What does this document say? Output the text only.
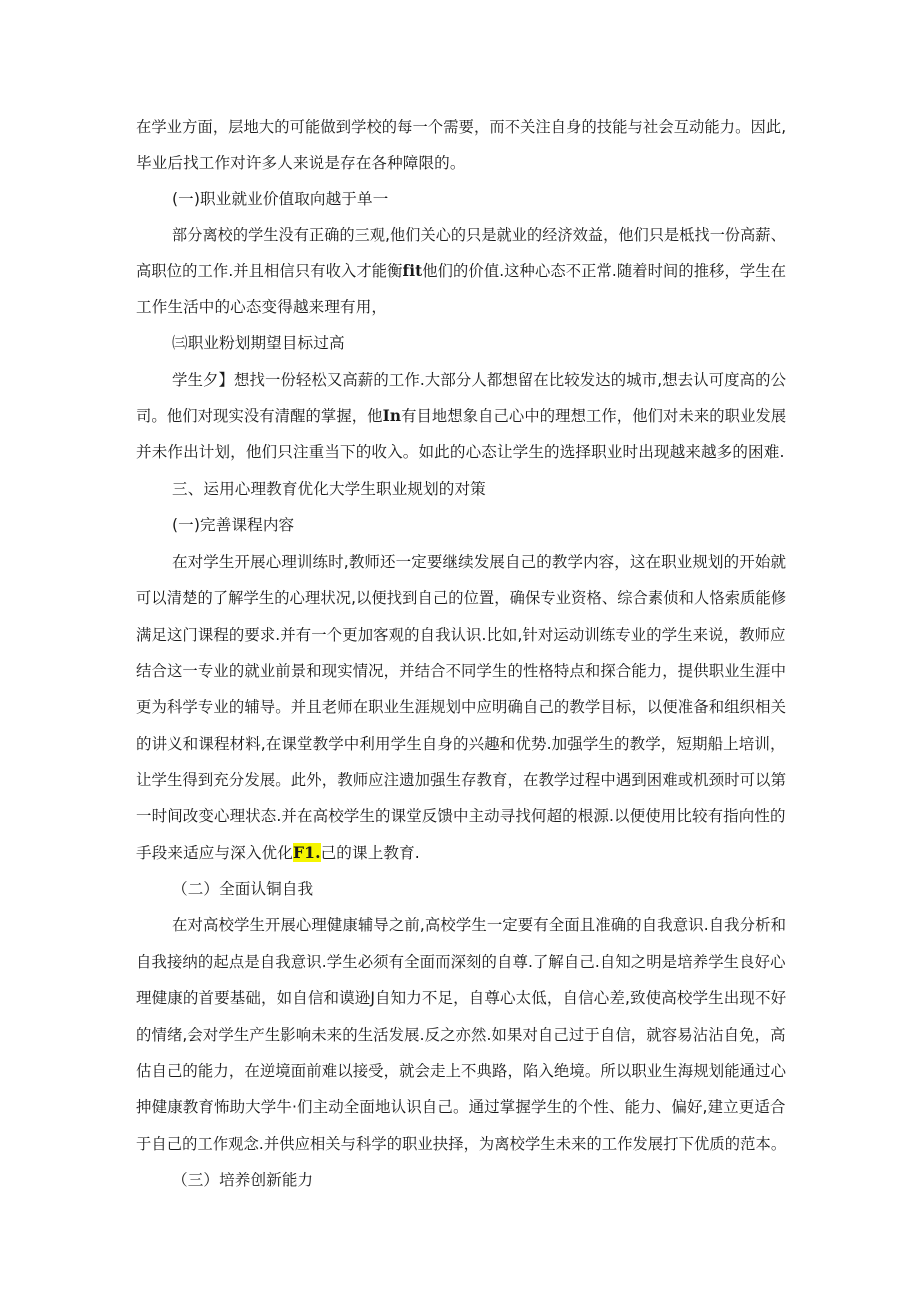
在学业方面，层地大的可能做到学校的每一个需要，而不关注自身的技能与社会互动能力。因此,
毕业后找工作对许多人来说是存在各种障限的。
(一)职业就业价值取向越于单一
部分离校的学生没有正确的三观,他们关心的只是就业的经济效益，他们只是柢找一份高薪、
高职位的工作.并且相信只有收入才能衡fit他们的价值.这种心态不正常.随着时间的推移，学生在
工作生活中的心态变得越来理有用，
㈢职业粉划期望目标过高
学生夕】想找一份轻松又高薪的工作.大部分人都想留在比较发达的城市,想去认可度高的公
司。他们对现实没有清醒的掌握，他In有目地想象自己心中的理想工作，他们对未来的职业发展
并未作出计划，他们只注重当下的收入。如此的心态让学生的选择职业时出现越来越多的困难.
三、运用心理教育优化大学生职业规划的对策
(一)完善课程内容
在对学生开展心理训练时,教师还一定要继续发展自己的教学内容，这在职业规划的开始就
可以清楚的了解学生的心理状况,以便找到自己的位置，确保专业资格、综合素侦和人恪索质能修
满足这门课程的要求.并有一个更加客观的自我认识.比如,针对运动训练专业的学生来说，教师应
结合这一专业的就业前景和现实情况，并结合不同学生的性格特点和探合能力，提供职业生涯中
更为科学专业的辅导。并且老师在职业生涯规划中应明确自己的教学目标，以便准备和组织相关
的讲义和课程材料,在课堂教学中利用学生自身的兴趣和优势.加强学生的教学，短期船上培训，
让学生得到充分发展。此外，教师应注遗加强生存教育，在教学过程中遇到困难或机颈时可以第
一时间改变心理状态.并在高校学生的课堂反馈中主动寻找何超的根源.以便使用比较有指向性的
手段来适应与深入优化F1.己的课上教育.
（二）全面认铜自我
在对高校学生开展心理健康辅导之前,高校学生一定要有全面且准确的自我意识.自我分析和
自我接纳的起点是自我意识.学生必须有全面而深刻的自尊.了解自己.自知之明是培养学生良好心
理健康的首要基础，如自信和谟逊J自知力不足，自尊心太低，自信心差,致使高校学生出现不好
的情绪,会对学生产生影响未来的生活发展.反之亦然.如果对自己过于自信，就容易沾沾自免，高
估自己的能力，在逆境面前难以接受，就会走上不典路，陷入绝境。所以职业生海规划能通过心
抻健康教育怖助大学牛·们主动全面地认识自己。通过掌握学生的个性、能力、偏好,建立更适合
于自己的工作观念.并供应相关与科学的职业抉择，为离校学生未来的工作发展打下优质的范本。
（三）培养创新能力
